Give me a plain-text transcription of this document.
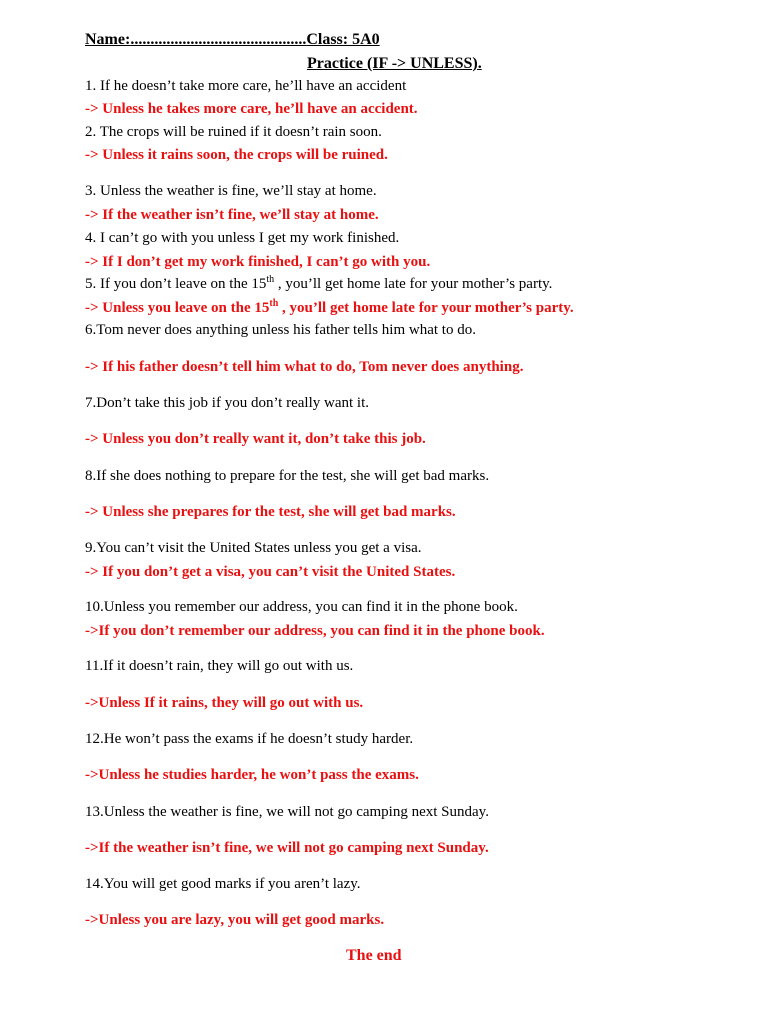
Name:............................................Class: 5A0
Practice (IF -> UNLESS).
1. If he doesn’t take more care, he’ll have an accident
-> Unless he takes more care, he’ll have an accident.
2. The crops will be ruined if it doesn’t rain soon.
-> Unless it rains soon, the crops will be ruined.
3. Unless the weather is fine, we’ll stay at home.
-> If the weather isn’t fine, we’ll stay at home.
4. I can’t go with you unless I get my work finished.
-> If I don’t get my work finished, I can’t go with you.
5. If you don’t leave on the 15th , you’ll get home late for your mother’s party.
-> Unless you leave on the 15th , you’ll get home late for your mother’s party.
6.Tom never does anything unless his father tells him what to do.
-> If his father doesn’t tell him what to do, Tom never does anything.
7.Don’t take this job if you don’t really want it.
-> Unless you don’t really want it, don’t take this job.
8.If she does nothing to prepare for the test, she will get bad marks.
-> Unless she prepares for the test, she will get bad marks.
9.You can’t visit the United States unless you get a visa.
-> If you don’t get a visa, you can’t visit the United States.
10.Unless you remember our address, you can find it in the phone book.
->If you don’t remember our address, you can find it in the phone book.
11.If it doesn’t rain, they will go out with us.
->Unless If it rains, they will go out with us.
12.He won’t pass the exams if he doesn’t study harder.
->Unless he studies harder, he won’t pass the exams.
13.Unless the weather is fine, we will not go camping next Sunday.
->If the weather isn’t fine, we will not go camping next Sunday.
14.You will get good marks if you aren’t lazy.
->Unless you are lazy, you will get good marks.
The end
